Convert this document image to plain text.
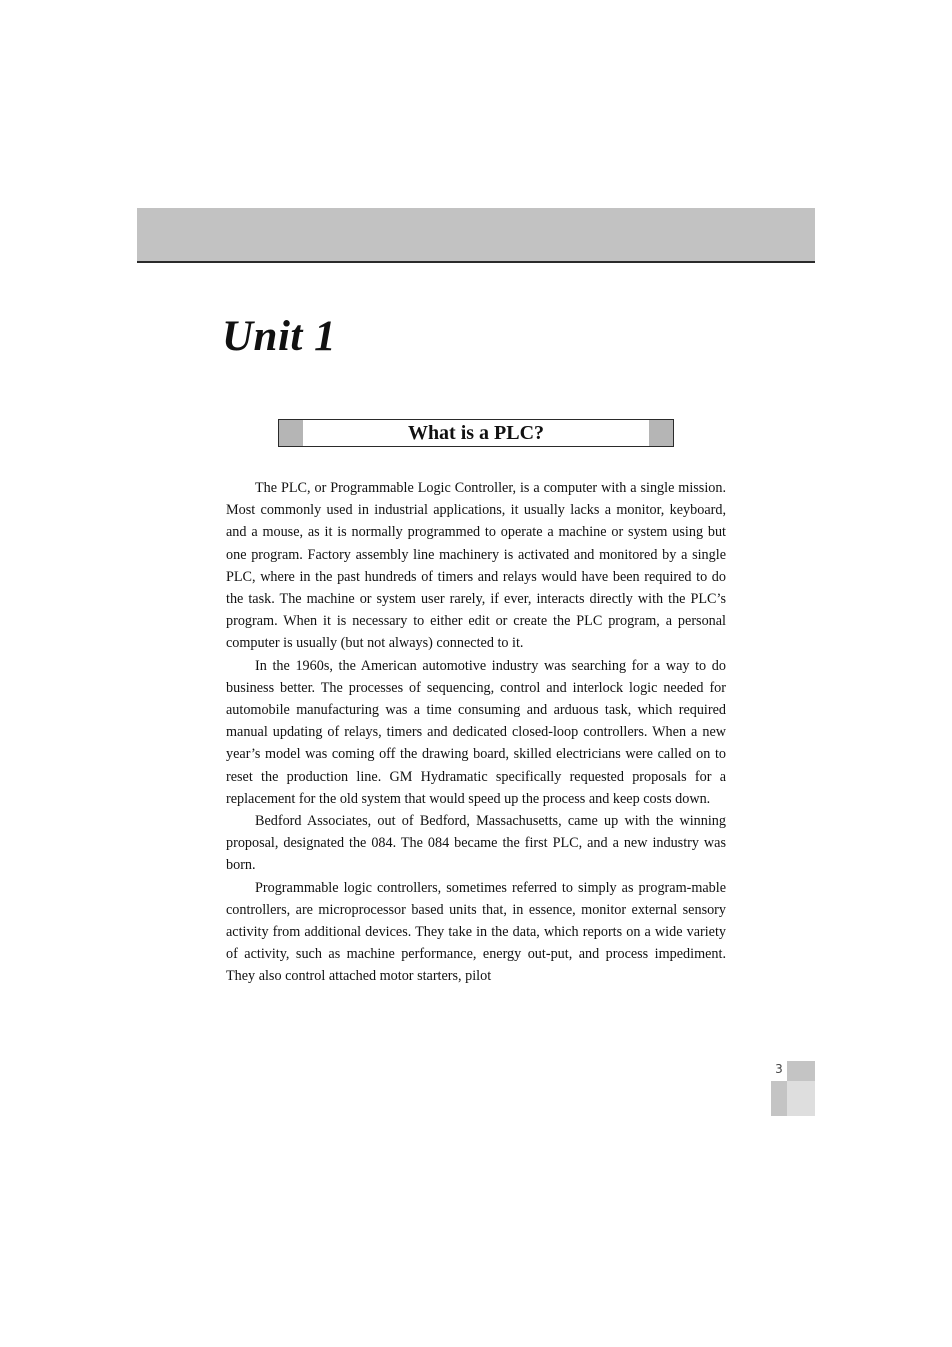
Unit 1
What is a PLC?

The PLC, or Programmable Logic Controller, is a computer with a single mission. Most commonly used in industrial applications, it usually lacks a monitor, keyboard, and a mouse, as it is normally programmed to operate a machine or system using but one program. Factory assembly line machinery is activated and monitored by a single PLC, where in the past hundreds of timers and relays would have been required to do the task. The machine or system user rarely, if ever, interacts directly with the PLC’s program. When it is necessary to either edit or create the PLC program, a personal computer is usually (but not always) connected to it.

In the 1960s, the American automotive industry was searching for a way to do business better. The processes of sequencing, control and interlock logic needed for automobile manufacturing was a time consuming and arduous task, which required manual updating of relays, timers and dedicated closed-loop controllers. When a new year’s model was coming off the drawing board, skilled electricians were called on to reset the production line. GM Hydramatic specifically requested proposals for a replacement for the old system that would speed up the process and keep costs down.

Bedford Associates, out of Bedford, Massachusetts, came up with the winning proposal, designated the 084. The 084 became the first PLC, and a new industry was born.

Programmable logic controllers, sometimes referred to simply as program-mable controllers, are microprocessor based units that, in essence, monitor external sensory activity from additional devices. They take in the data, which reports on a wide variety of activity, such as machine performance, energy out-put, and process impediment. They also control attached motor starters, pilot

3
